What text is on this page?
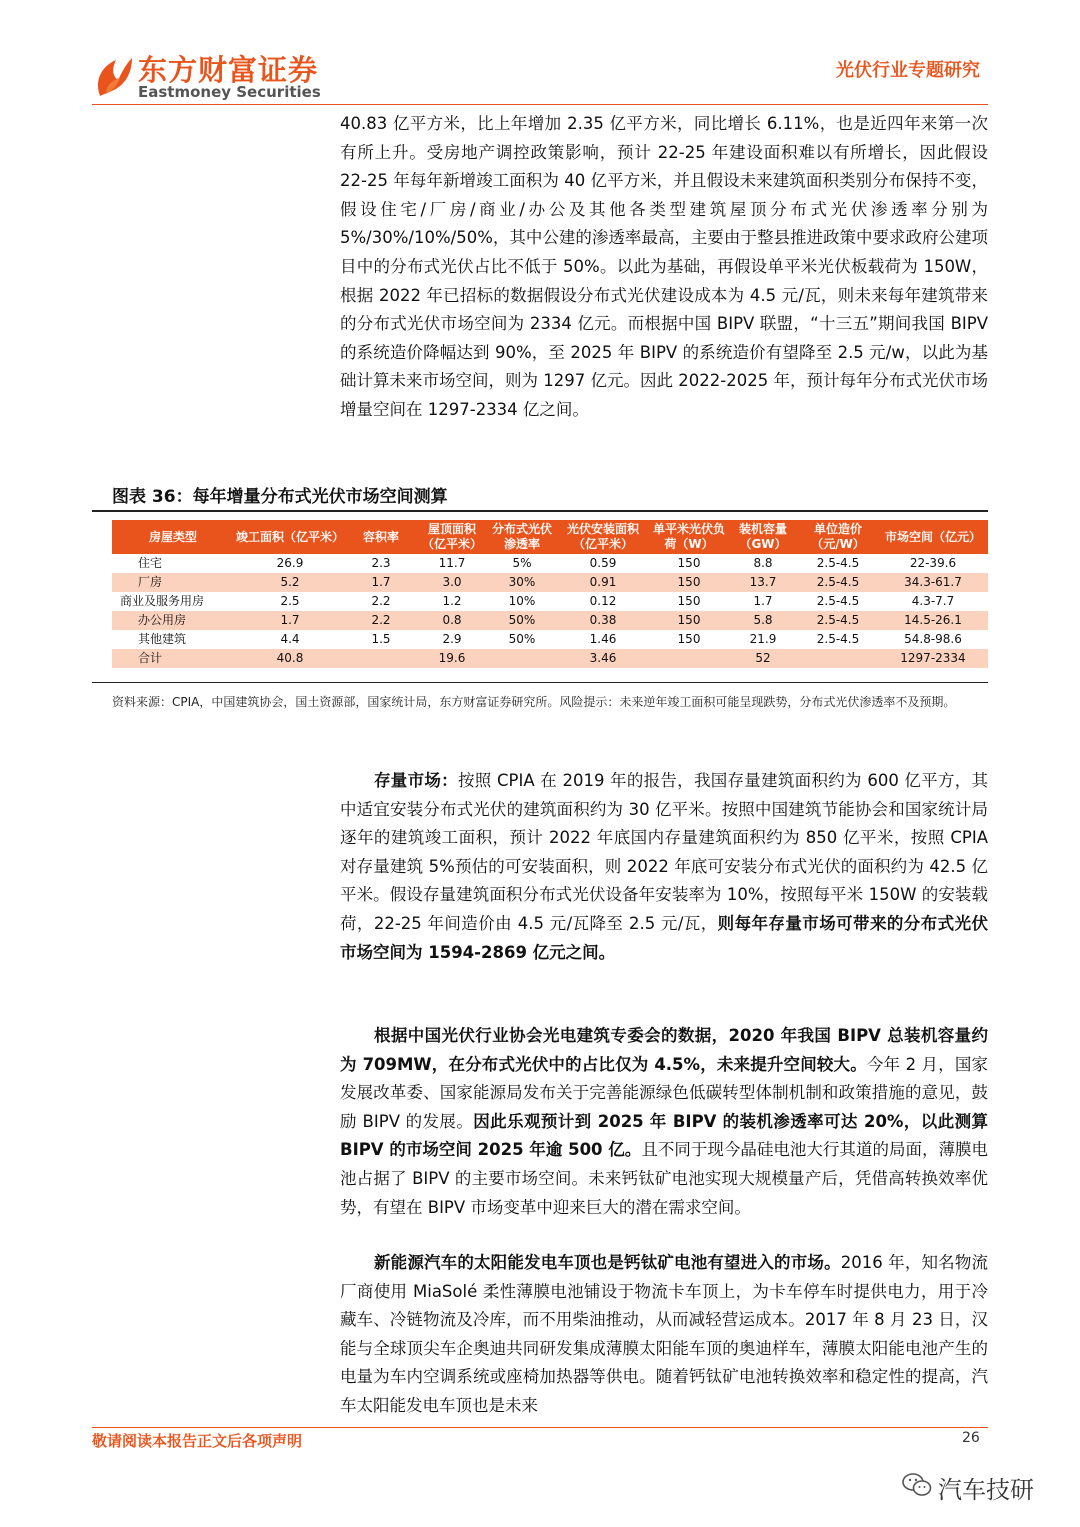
东方财富证券
Eastmoney Securities
光伏行业专题研究
40.83 亿平方米，比上年增加 2.35 亿平方米，同比增长 6.11%，也是近四年来第一次有所上升。受房地产调控政策影响，预计 22-25 年建设面积难以有所增长，因此假设 22-25 年每年新增竣工面积为 40 亿平方米，并且假设未来建筑面积类别分布保持不变，假设住宅/厂房/商业/办公及其他各类型建筑屋顶分布式光伏渗透率分别为 5%/30%/10%/50%，其中公建的渗透率最高，主要由于整县推进政策中要求政府公建项目中的分布式光伏占比不低于 50%。以此为基础，再假设单平米光伏板载荷为 150W，根据 2022 年已招标的数据假设分布式光伏建设成本为 4.5 元/瓦，则未来每年建筑带来的分布式光伏市场空间为 2334 亿元。而根据中国 BIPV 联盟，“十三五”期间我国 BIPV 的系统造价降幅达到 90%，至 2025 年 BIPV 的系统造价有望降至 2.5 元/w，以此为基础计算未来市场空间，则为 1297 亿元。因此 2022-2025 年，预计每年分布式光伏市场增量空间在 1297-2334 亿之间。
图表 36：每年增量分布式光伏市场空间测算
房屋类型	竣工面积（亿平米）	容积率	屋顶面积（亿平米）	分布式光伏渗透率	光伏安装面积（亿平米）	单平米光伏负荷（W）	装机容量（GW）	单位造价（元/W）	市场空间（亿元）
住宅	26.9	2.3	11.7	5%	0.59	150	8.8	2.5-4.5	22-39.6
厂房	5.2	1.7	3.0	30%	0.91	150	13.7	2.5-4.5	34.3-61.7
商业及服务用房	2.5	2.2	1.2	10%	0.12	150	1.7	2.5-4.5	4.3-7.7
办公用房	1.7	2.2	0.8	50%	0.38	150	5.8	2.5-4.5	14.5-26.1
其他建筑	4.4	1.5	2.9	50%	1.46	150	21.9	2.5-4.5	54.8-98.6
合计	40.8		19.6		3.46		52		1297-2334
资料来源：CPIA，中国建筑协会，国土资源部，国家统计局，东方财富证券研究所。风险提示：未来逆年竣工面积可能呈现跌势，分布式光伏渗透率不及预期。
存量市场：按照 CPIA 在 2019 年的报告，我国存量建筑面积约为 600 亿平方，其中适宜安装分布式光伏的建筑面积约为 30 亿平米。按照中国建筑节能协会和国家统计局逐年的建筑竣工面积，预计 2022 年底国内存量建筑面积约为 850 亿平米，按照 CPIA 对存量建筑 5%预估的可安装面积，则 2022 年底可安装分布式光伏的面积约为 42.5 亿平米。假设存量建筑面积分布式光伏设备年安装率为 10%，按照每平米 150W 的安装载荷，22-25 年间造价由 4.5 元/瓦降至 2.5 元/瓦，则每年存量市场可带来的分布式光伏市场空间为 1594-2869 亿元之间。
根据中国光伏行业协会光电建筑专委会的数据，2020 年我国 BIPV 总装机容量约为 709MW，在分布式光伏中的占比仅为 4.5%，未来提升空间较大。今年 2 月，国家发展改革委、国家能源局发布关于完善能源绿色低碳转型体制机制和政策措施的意见，鼓励 BIPV 的发展。因此乐观预计到 2025 年 BIPV 的装机渗透率可达 20%，以此测算 BIPV 的市场空间 2025 年逾 500 亿。且不同于现今晶硅电池大行其道的局面，薄膜电池占据了 BIPV 的主要市场空间。未来钙钛矿电池实现大规模量产后，凭借高转换效率优势，有望在 BIPV 市场变革中迎来巨大的潜在需求空间。
新能源汽车的太阳能发电车顶也是钙钛矿电池有望进入的市场。2016 年，知名物流厂商使用 MiaSolé 柔性薄膜电池铺设于物流卡车顶上，为卡车停车时提供电力，用于冷藏车、冷链物流及冷库，而不用柴油推动，从而减轻营运成本。2017 年 8 月 23 日，汉能与全球顶尖车企奥迪共同研发集成薄膜太阳能车顶的奥迪样车，薄膜太阳能电池产生的电量为车内空调系统或座椅加热器等供电。随着钙钛矿电池转换效率和稳定性的提高，汽车太阳能发电车顶也是未来
敬请阅读本报告正文后各项声明	26
汽车技研
